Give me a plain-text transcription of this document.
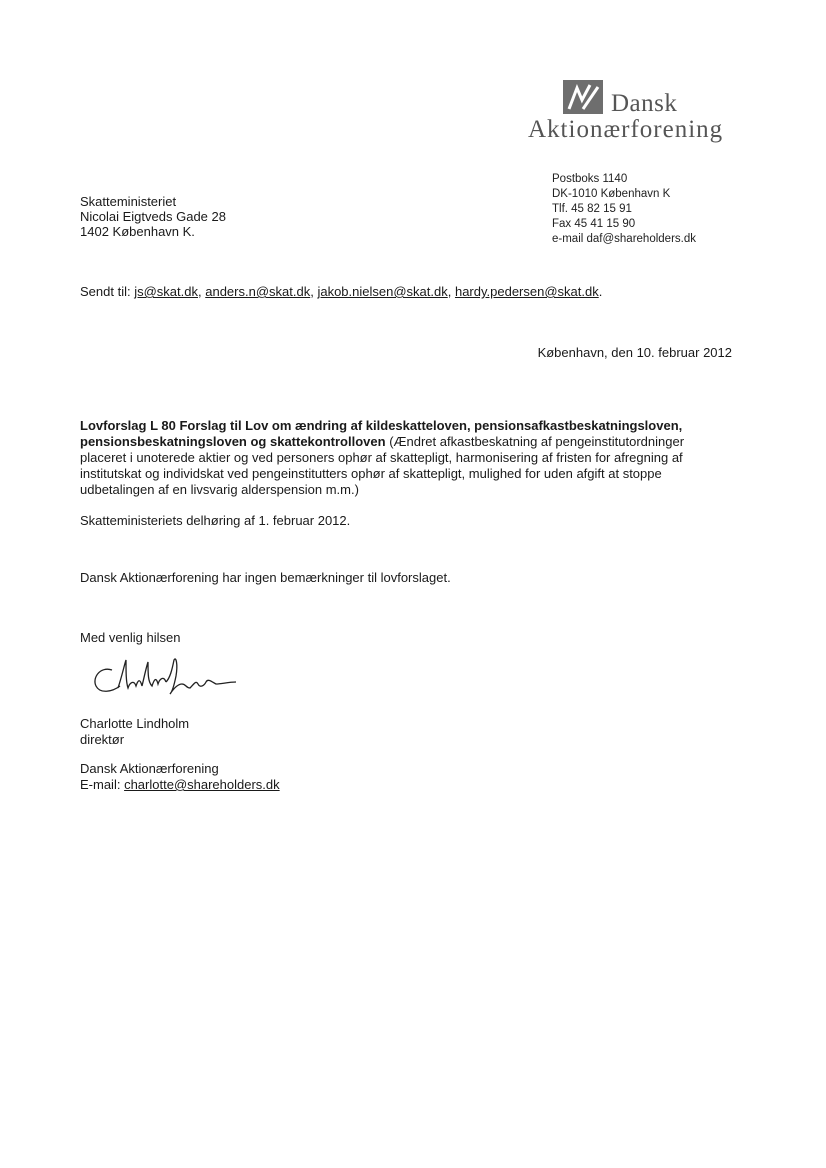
Dansk
Aktionærforening
Postboks 1140
DK-1010 København K
Tlf. 45 82 15 91
Fax 45 41 15 90
e-mail daf@shareholders.dk
Skatteministeriet
Nicolai Eigtveds Gade 28
1402 København K.
Sendt til: js@skat.dk, anders.n@skat.dk, jakob.nielsen@skat.dk, hardy.pedersen@skat.dk.
København, den 10. februar 2012
Lovforslag L 80 Forslag til Lov om ændring af kildeskatteloven, pensionsafkastbeskatningsloven,
pensionsbeskatningsloven og skattekontrolloven (Ændret afkastbeskatning af pengeinstitutordninger
placeret i unoterede aktier og ved personers ophør af skattepligt, harmonisering af fristen for afregning af
institutskat og individskat ved pengeinstitutters ophør af skattepligt, mulighed for uden afgift at stoppe
udbetalingen af en livsvarig alderspension m.m.)
Skatteministeriets delhøring af 1. februar 2012.
Dansk Aktionærforening har ingen bemærkninger til lovforslaget.
Med venlig hilsen
Charlotte Lindholm
direktør
Dansk Aktionærforening
E-mail: charlotte@shareholders.dk
